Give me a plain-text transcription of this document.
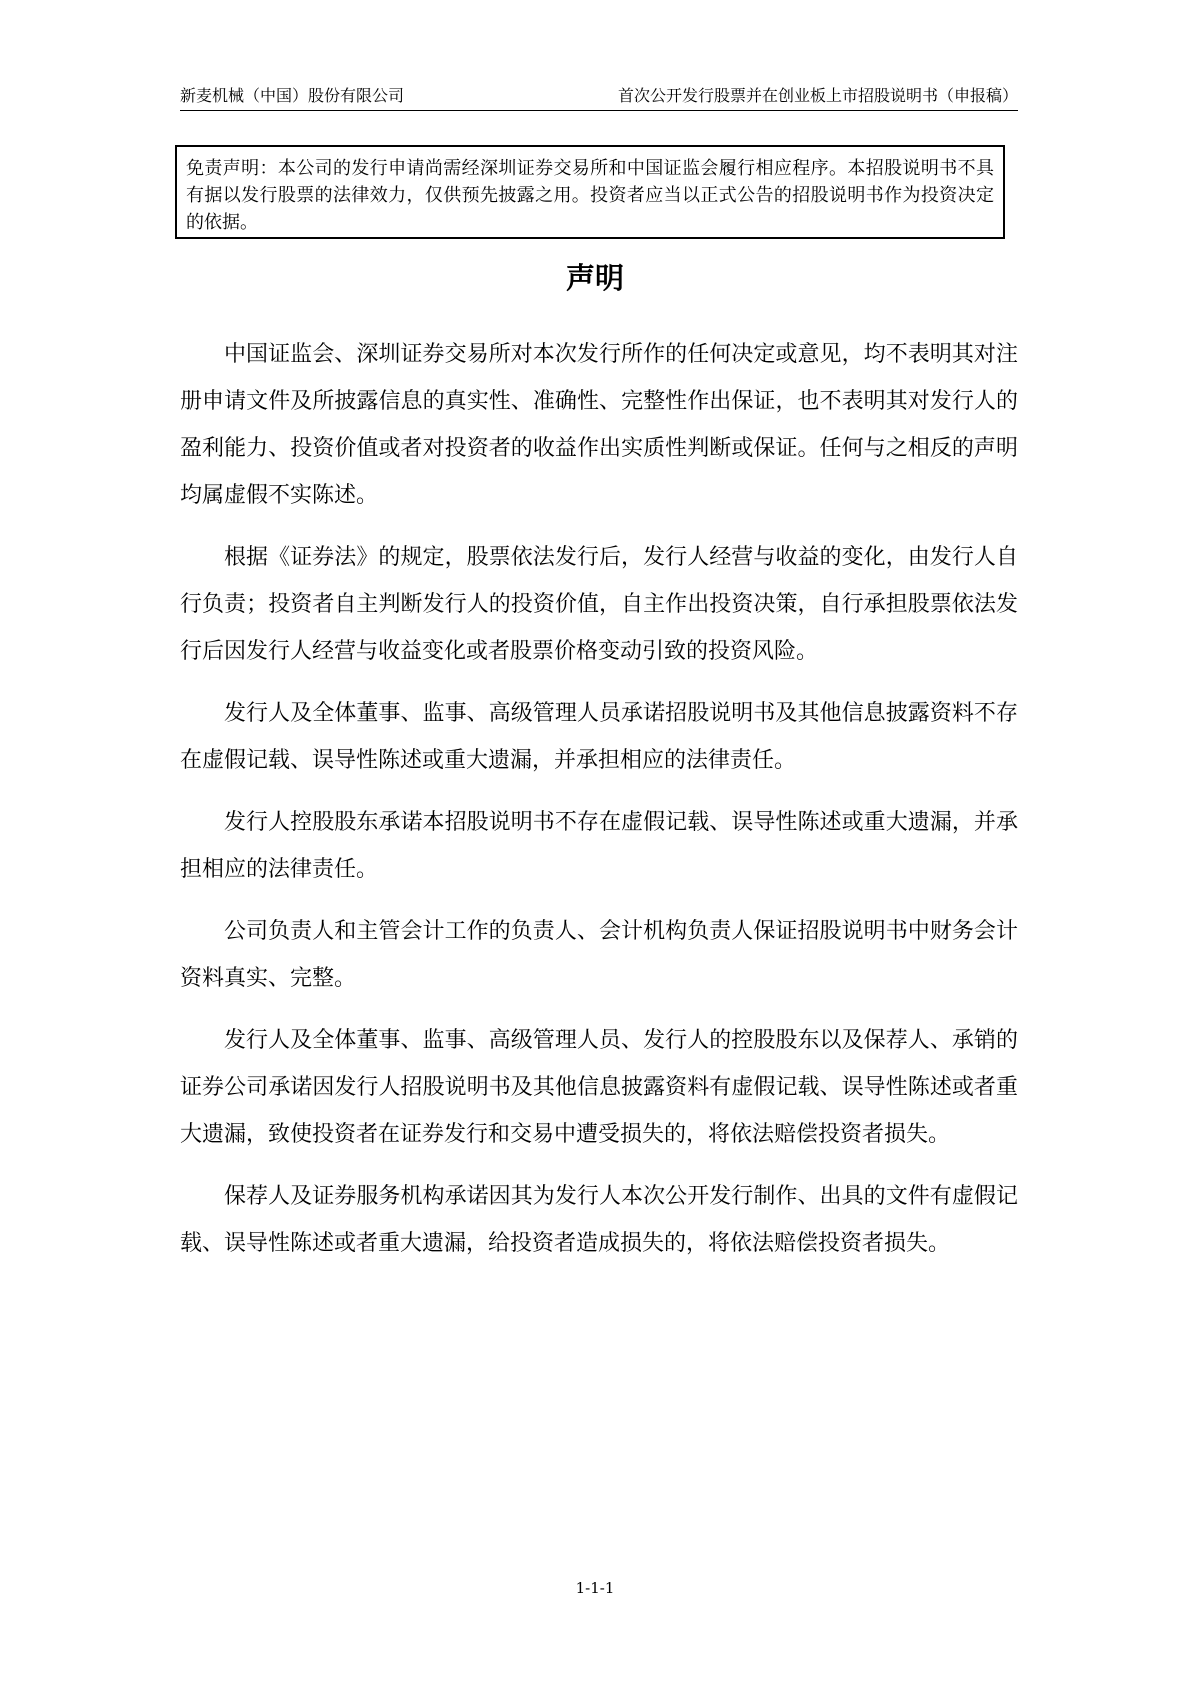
新麦机械（中国）股份有限公司	首次公开发行股票并在创业板上市招股说明书（申报稿）
免责声明：本公司的发行申请尚需经深圳证券交易所和中国证监会履行相应程序。本招股说明书不具有据以发行股票的法律效力，仅供预先披露之用。投资者应当以正式公告的招股说明书作为投资决定的依据。
声明

中国证监会、深圳证券交易所对本次发行所作的任何决定或意见，均不表明其对注册申请文件及所披露信息的真实性、准确性、完整性作出保证，也不表明其对发行人的盈利能力、投资价值或者对投资者的收益作出实质性判断或保证。任何与之相反的声明均属虚假不实陈述。

根据《证券法》的规定，股票依法发行后，发行人经营与收益的变化，由发行人自行负责；投资者自主判断发行人的投资价值，自主作出投资决策，自行承担股票依法发行后因发行人经营与收益变化或者股票价格变动引致的投资风险。

发行人及全体董事、监事、高级管理人员承诺招股说明书及其他信息披露资料不存在虚假记载、误导性陈述或重大遗漏，并承担相应的法律责任。

发行人控股股东承诺本招股说明书不存在虚假记载、误导性陈述或重大遗漏，并承担相应的法律责任。

公司负责人和主管会计工作的负责人、会计机构负责人保证招股说明书中财务会计资料真实、完整。

发行人及全体董事、监事、高级管理人员、发行人的控股股东以及保荐人、承销的证券公司承诺因发行人招股说明书及其他信息披露资料有虚假记载、误导性陈述或者重大遗漏，致使投资者在证券发行和交易中遭受损失的，将依法赔偿投资者损失。

保荐人及证券服务机构承诺因其为发行人本次公开发行制作、出具的文件有虚假记载、误导性陈述或者重大遗漏，给投资者造成损失的，将依法赔偿投资者损失。

1-1-1
